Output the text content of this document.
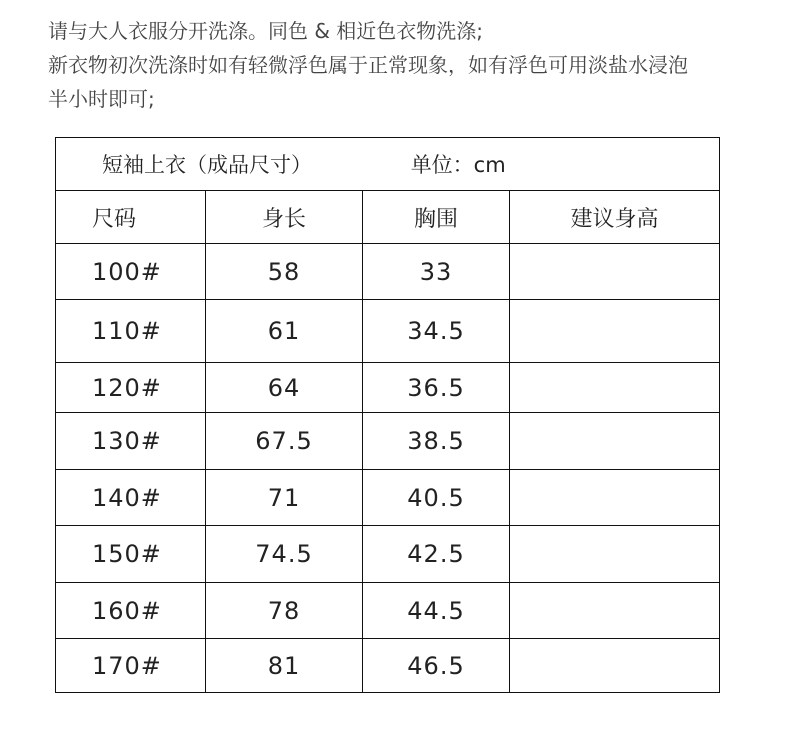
请与大人衣服分开洗涤。同色 & 相近色衣物洗涤;
新衣物初次洗涤时如有轻微浮色属于正常现象，如有浮色可用淡盐水浸泡
半小时即可;
短袖上衣（成品尺寸） 单位：cm			
尺码	身长	胸围	建议身高
100#	58	33	
110#	61	34.5	
120#	64	36.5	
130#	67.5	38.5	
140#	71	40.5	
150#	74.5	42.5	
160#	78	44.5	
170#	81	46.5	
